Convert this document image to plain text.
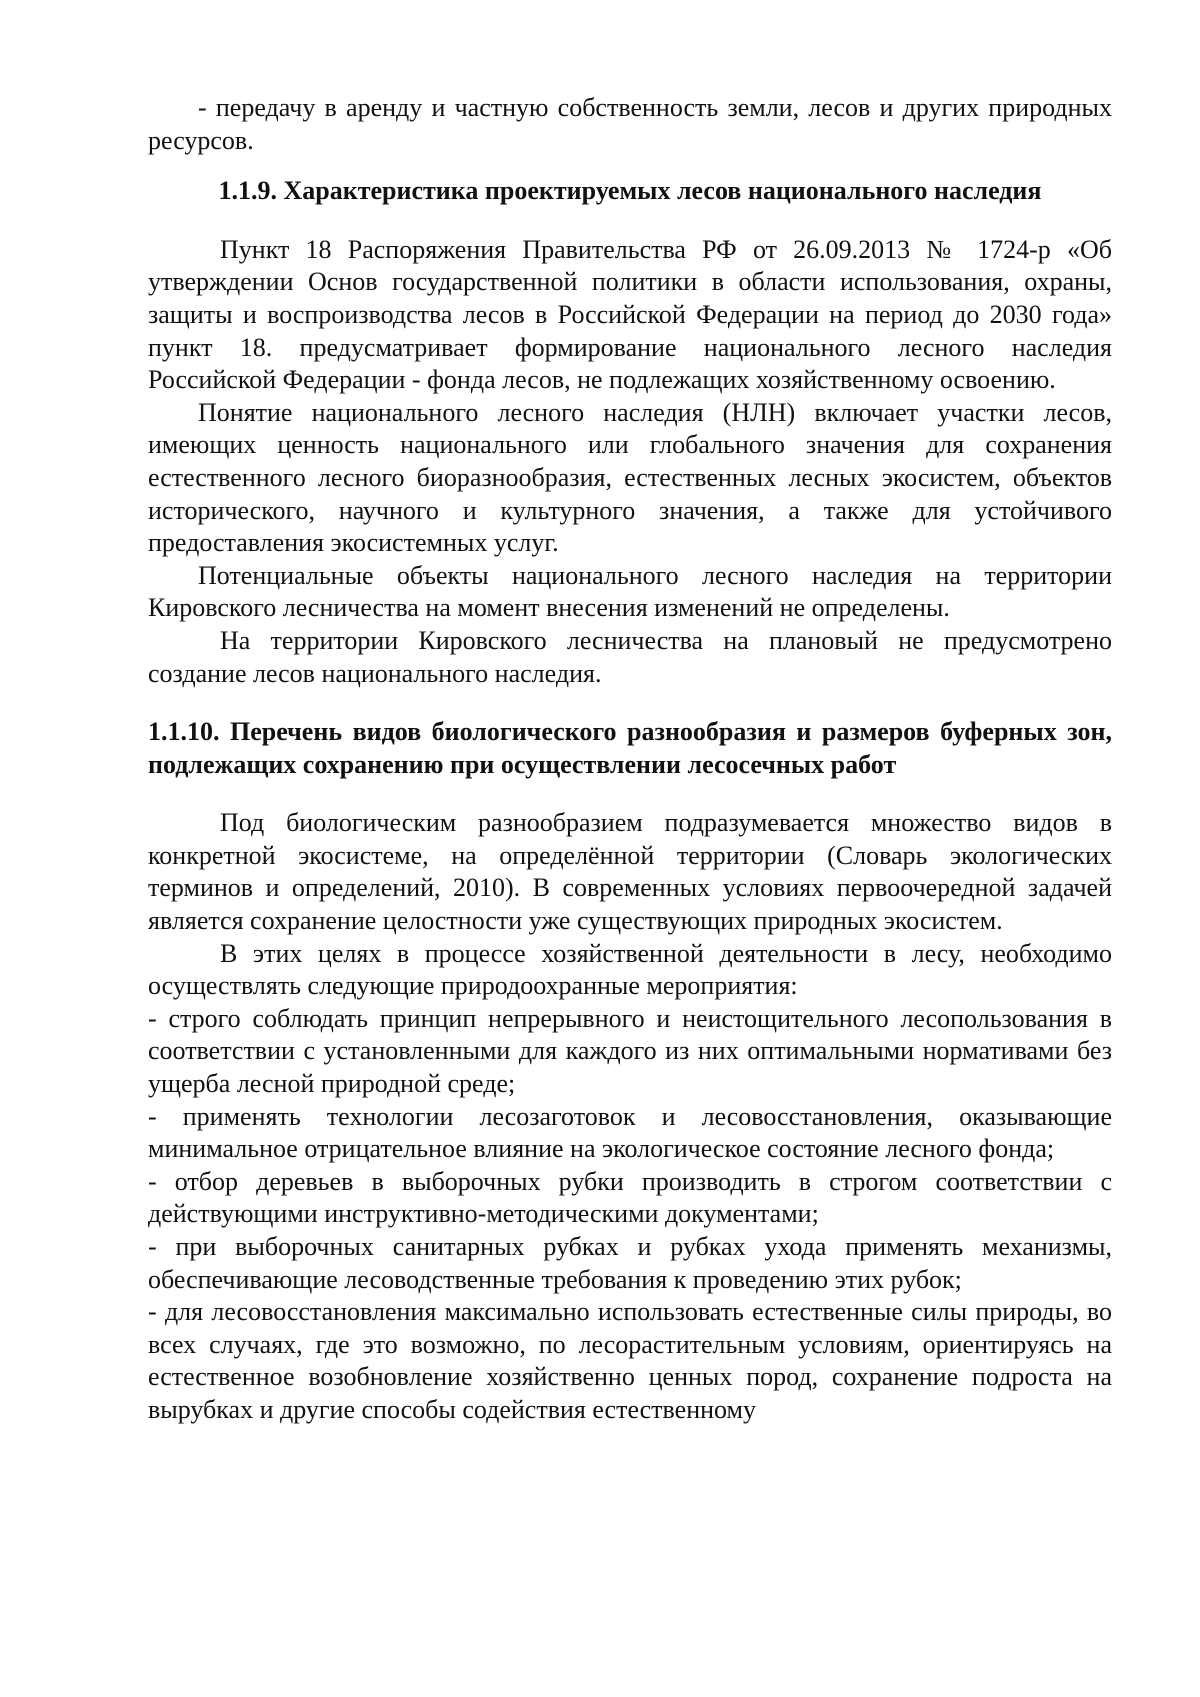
- передачу в аренду и частную собственность земли, лесов и других природных ресурсов.

1.1.9. Характеристика проектируемых лесов национального наследия

Пункт 18 Распоряжения Правительства РФ от 26.09.2013 № 1724-р «Об утверждении Основ государственной политики в области использования, охраны, защиты и воспроизводства лесов в Российской Федерации на период до 2030 года» пункт 18. предусматривает формирование национального лесного наследия Российской Федерации - фонда лесов, не подлежащих хозяйственному освоению.

Понятие национального лесного наследия (НЛН) включает участки лесов, имеющих ценность национального или глобального значения для сохранения естественного лесного биоразнообразия, естественных лесных экосистем, объектов исторического, научного и культурного значения, а также для устойчивого предоставления экосистемных услуг.

Потенциальные объекты национального лесного наследия на территории Кировского лесничества на момент внесения изменений не определены.

На территории Кировского лесничества на плановый не предусмотрено создание лесов национального наследия.

1.1.10. Перечень видов биологического разнообразия и размеров буферных зон, подлежащих сохранению при осуществлении лесосечных работ

Под биологическим разнообразием подразумевается множество видов в конкретной экосистеме, на определённой территории (Словарь экологических терминов и определений, 2010). В современных условиях первоочередной задачей является сохранение целостности уже существующих природных экосистем.

В этих целях в процессе хозяйственной деятельности в лесу, необходимо осуществлять следующие природоохранные мероприятия:

- строго соблюдать принцип непрерывного и неистощительного лесопользования в соответствии с установленными для каждого из них оптимальными нормативами без ущерба лесной природной среде;

- применять технологии лесозаготовок и лесовосстановления, оказывающие минимальное отрицательное влияние на экологическое состояние лесного фонда;

- отбор деревьев в выборочных рубки производить в строгом соответствии с действующими инструктивно-методическими документами;

- при выборочных санитарных рубках и рубках ухода применять механизмы, обеспечивающие лесоводственные требования к проведению этих рубок;

- для лесовосстановления максимально использовать естественные силы природы, во всех случаях, где это возможно, по лесорастительным условиям, ориентируясь на естественное возобновление хозяйственно ценных пород, сохранение подроста на вырубках и другие способы содействия естественному
